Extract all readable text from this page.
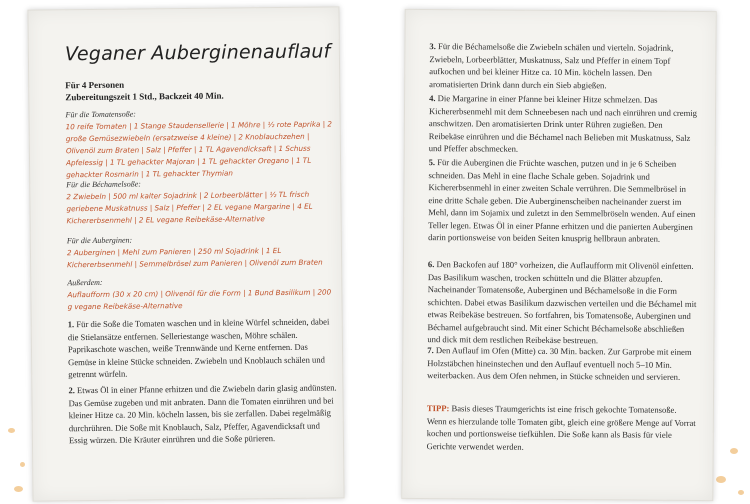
Veganer Auberginenauflauf
Für 4 Personen
Zubereitungszeit 1 Std., Backzeit 40 Min.
Für die Tomatensoße:
10 reife Tomaten | 1 Stange Staudensellerie | 1 Möhre | ½ rote Paprika | 2 große Gemüsezwiebeln (ersatzweise 4 kleine) | 2 Knoblauchzehen | Olivenöl zum Braten | Salz | Pfeffer | 1 TL Agavendicksaft | 1 Schuss Apfelessig | 1 TL gehackter Majoran | 1 TL gehackter Oregano | 1 TL gehackter Rosmarin | 1 TL gehackter Thymian
Für die Béchamelsoße:
2 Zwiebeln | 500 ml kalter Sojadrink | 2 Lorbeerblätter | ½ TL frisch geriebene Muskatnuss | Salz | Pfeffer | 2 EL vegane Margarine | 4 EL Kichererbsenmehl | 2 EL vegane Reibekäse-Alternative
Für die Auberginen:
2 Auberginen | Mehl zum Panieren | 250 ml Sojadrink | 1 EL Kichererbsenmehl | Semmelbrösel zum Panieren | Olivenöl zum Braten
Außerdem:
Auflaufform (30 x 20 cm) | Olivenöl für die Form | 1 Bund Basilikum | 200 g vegane Reibekäse-Alternative

1. Für die Soße die Tomaten waschen und in kleine Würfel schneiden, dabei die Stielansätze entfernen. Selleriestange waschen, Möhre schälen. Paprikaschote waschen, weiße Trennwände und Kerne entfernen. Das Gemüse in kleine Stücke schneiden. Zwiebeln und Knoblauch schälen und getrennt würfeln.

2. Etwas Öl in einer Pfanne erhitzen und die Zwiebeln darin glasig andünsten. Das Gemüse zugeben und mit anbraten. Dann die Tomaten einrühren und bei kleiner Hitze ca. 20 Min. köcheln lassen, bis sie zerfallen. Dabei regelmäßig durchrühren. Die Soße mit Knoblauch, Salz, Pfeffer, Agavendicksaft und Essig würzen. Die Kräuter einrühren und die Soße pürieren.

3. Für die Béchamelsoße die Zwiebeln schälen und vierteln. Sojadrink, Zwiebeln, Lorbeerblätter, Muskatnuss, Salz und Pfeffer in einem Topf aufkochen und bei kleiner Hitze ca. 10 Min. köcheln lassen. Den aromatisierten Drink dann durch ein Sieb abgießen.

4. Die Margarine in einer Pfanne bei kleiner Hitze schmelzen. Das Kichererbsenmehl mit dem Schneebesen nach und nach einrühren und cremig anschwitzen. Den aromatisierten Drink unter Rühren zugießen. Den Reibekäse einrühren und die Béchamel nach Belieben mit Muskatnuss, Salz und Pfeffer abschmecken.

5. Für die Auberginen die Früchte waschen, putzen und in je 6 Scheiben schneiden. Das Mehl in eine flache Schale geben. Sojadrink und Kichererbsenmehl in einer zweiten Schale verrühren. Die Semmelbrösel in eine dritte Schale geben. Die Auberginenscheiben nacheinander zuerst im Mehl, dann im Sojamix und zuletzt in den Semmelbröseln wenden. Auf einen Teller legen. Etwas Öl in einer Pfanne erhitzen und die panierten Auberginen darin portionsweise von beiden Seiten knusprig hellbraun anbraten.

6. Den Backofen auf 180° vorheizen, die Auflaufform mit Olivenöl einfetten. Das Basilikum waschen, trocken schütteln und die Blätter abzupfen. Nacheinander Tomatensoße, Auberginen und Béchamelsoße in die Form schichten. Dabei etwas Basilikum dazwischen verteilen und die Béchamel mit etwas Reibekäse bestreuen. So fortfahren, bis Tomatensoße, Auberginen und Béchamel aufgebraucht sind. Mit einer Schicht Béchamelsoße abschließen und dick mit dem restlichen Reibekäse bestreuen.

7. Den Auflauf im Ofen (Mitte) ca. 30 Min. backen. Zur Garprobe mit einem Holzstäbchen hineinstechen und den Auflauf eventuell noch 5–10 Min. weiterbacken. Aus dem Ofen nehmen, in Stücke schneiden und servieren.

TIPP: Basis dieses Traumgerichts ist eine frisch gekochte Tomatensoße. Wenn es hierzulande tolle Tomaten gibt, gleich eine größere Menge auf Vorrat kochen und portionsweise tiefkühlen. Die Soße kann als Basis für viele Gerichte verwendet werden.
